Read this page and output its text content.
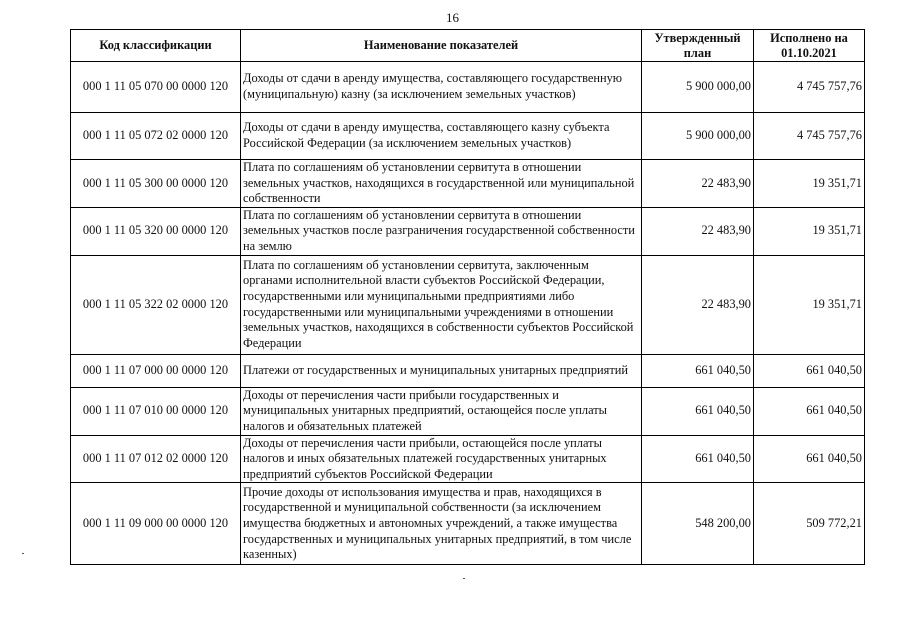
16
Код классификации	Наименование показателей	Утвержденный план	Исполнено на 01.10.2021
000 1 11 05 070 00 0000 120	Доходы от сдачи в аренду имущества, составляющего государственную (муниципальную) казну (за исключением земельных участков)	5 900 000,00	4 745 757,76
000 1 11 05 072 02 0000 120	Доходы от сдачи в аренду имущества, составляющего казну субъекта Российской Федерации (за исключением земельных участков)	5 900 000,00	4 745 757,76
000 1 11 05 300 00 0000 120	Плата по соглашениям об установлении сервитута в отношении земельных участков, находящихся в государственной или муниципальной собственности	22 483,90	19 351,71
000 1 11 05 320 00 0000 120	Плата по соглашениям об установлении сервитута в отношении земельных участков после разграничения государственной собственности на землю	22 483,90	19 351,71
000 1 11 05 322 02 0000 120	Плата по соглашениям об установлении сервитута, заключенным органами исполнительной власти субъектов Российской Федерации, государственными или муниципальными предприятиями либо государственными или муниципальными учреждениями в отношении земельных участков, находящихся в собственности субъектов Российской Федерации	22 483,90	19 351,71
000 1 11 07 000 00 0000 120	Платежи от государственных и муниципальных унитарных предприятий	661 040,50	661 040,50
000 1 11 07 010 00 0000 120	Доходы от перечисления части прибыли государственных и муниципальных унитарных предприятий, остающейся после уплаты налогов и обязательных платежей	661 040,50	661 040,50
000 1 11 07 012 02 0000 120	Доходы от перечисления части прибыли, остающейся после уплаты налогов и иных обязательных платежей государственных унитарных предприятий субъектов Российской Федерации	661 040,50	661 040,50
000 1 11 09 000 00 0000 120	Прочие доходы от использования имущества и прав, находящихся в государственной и муниципальной собственности (за исключением имущества бюджетных и автономных учреждений, а также имущества государственных и муниципальных унитарных предприятий, в том числе казенных)	548 200,00	509 772,21
